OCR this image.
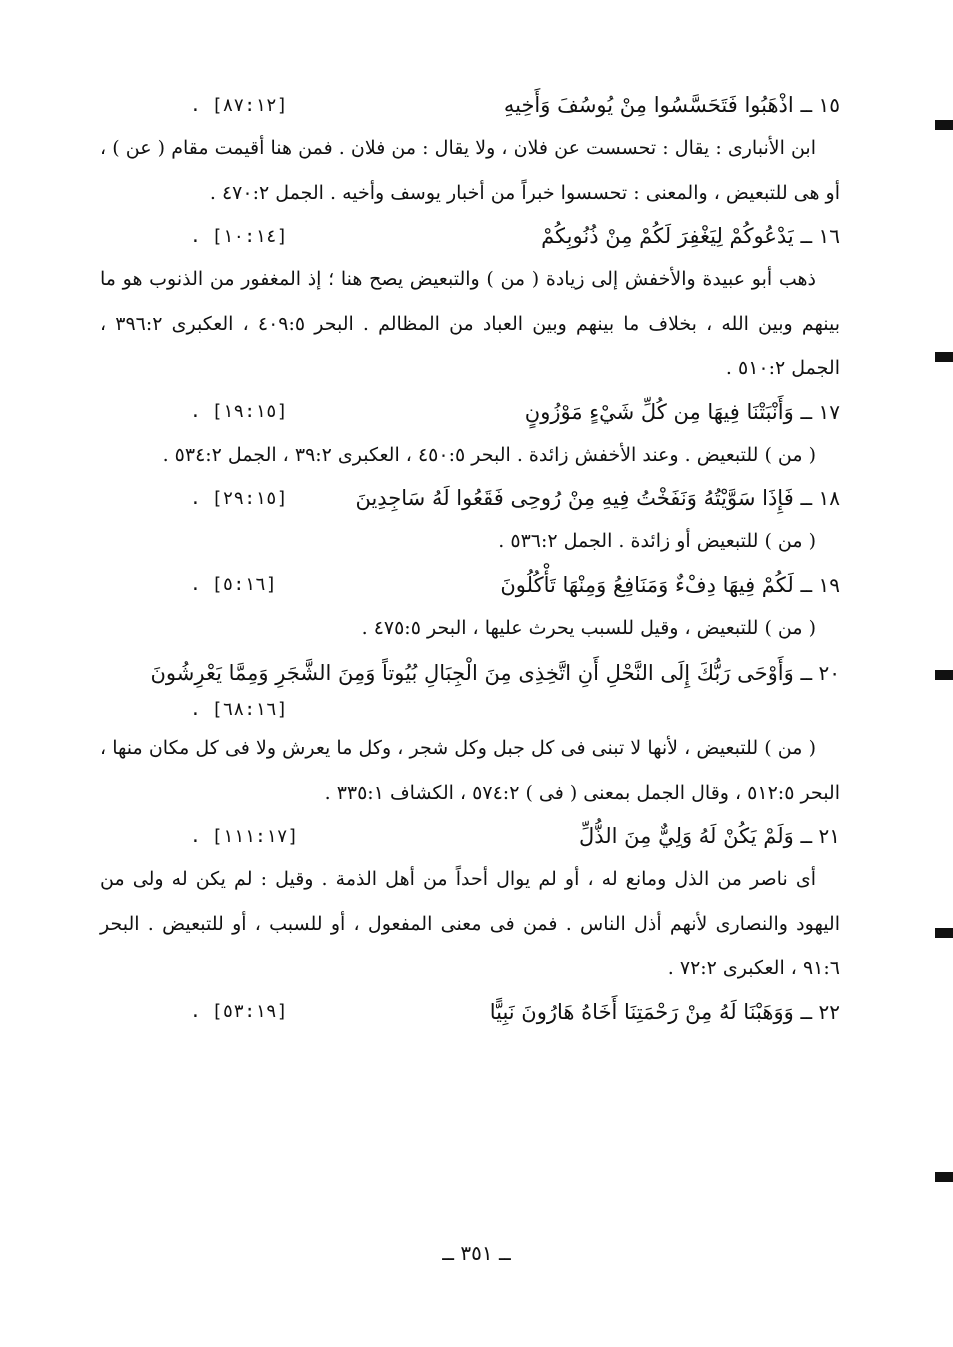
١٥ ــ اذْهَبُوا فَتَحَسَّسُوا مِنْ يُوسُفَ وَأَخِيهِ
. [٨٧:١٢]

ابن الأنبارى : يقال : تحسست عن فلان ، ولا يقال : من فلان . فمن هنا أقيمت مقام ( عن ) ، أو هى للتبعيض ، والمعنى : تحسسوا خبراً من أخبار يوسف وأخيه . الجمل ٤٧٠:٢ .

١٦ ــ يَدْعُوكُمْ لِيَغْفِرَ لَكُمْ مِنْ ذُنُوبِكُمْ
. [١٠:١٤]

ذهب أبو عبيدة والأخفش إلى زيادة ( من ) والتبعيض يصح هنا ؛ إذ المغفور من الذنوب هو ما بينهم وبين الله ، بخلاف ما بينهم وبين العباد من المظالم . البحر ٤٠٩:٥ ، العكبرى ٣٩٦:٢ ، الجمل ٥١٠:٢ .

١٧ ــ وَأَنْبَتْنَا فِيهَا مِن كُلِّ شَيْءٍ مَوْزُونٍ
. [١٩:١٥]

( من ) للتبعيض . وعند الأخفش زائدة . البحر ٤٥٠:٥ ، العكبرى ٣٩:٢ ، الجمل ٥٣٤:٢ .

١٨ ــ فَإِذَا سَوَّيْتُهُ وَنَفَخْتُ فِيهِ مِنْ رُوحِى فَقَعُوا لَهُ سَاجِدِينَ
. [٢٩:١٥]

( من ) للتبعيض أو زائدة . الجمل ٥٣٦:٢ .

١٩ ــ لَكُمْ فِيهَا دِفْءٌ وَمَنَافِعُ وَمِنْهَا تَأْكُلُونَ
. [٥:١٦]

( من ) للتبعيض ، وقيل للسبب يحرث عليها ، البحر ٤٧٥:٥ .

٢٠ ــ وَأَوْحَى رَبُّكَ إِلَى النَّحْلِ أَنِ اتَّخِذِى مِنَ الْجِبَالِ بُيُوتاً وَمِنَ الشَّجَرِ وَمِمَّا يَعْرِشُونَ
. [٦٨:١٦]

( من ) للتبعيض ، لأنها لا تبنى فى كل جبل وكل شجر ، وكل ما يعرش ولا فى كل مكان منها ، البحر ٥١٢:٥ ، وقال الجمل بمعنى ( فى ) ٥٧٤:٢ ، الكشاف ٣٣٥:١ .

٢١ ــ وَلَمْ يَكُنْ لَهُ وَلِيٌّ مِنَ الذُّلِّ
. [١١١:١٧]

أى ناصر من الذل ومانع له ، أو لم يوال أحداً من أهل الذمة . وقيل : لم يكن له ولى من اليهود والنصارى لأنهم أذل الناس . فمن فى معنى المفعول ، أو للسبب ، أو للتبعيض . البحر ٩١:٦ ، العكبرى ٧٢:٢ .

٢٢ ــ وَوَهَبْنَا لَهُ مِنْ رَحْمَتِنَا أَخَاهُ هَارُونَ نَبِيًّا
. [٥٣:١٩]
ــ ٣٥١ ــ
